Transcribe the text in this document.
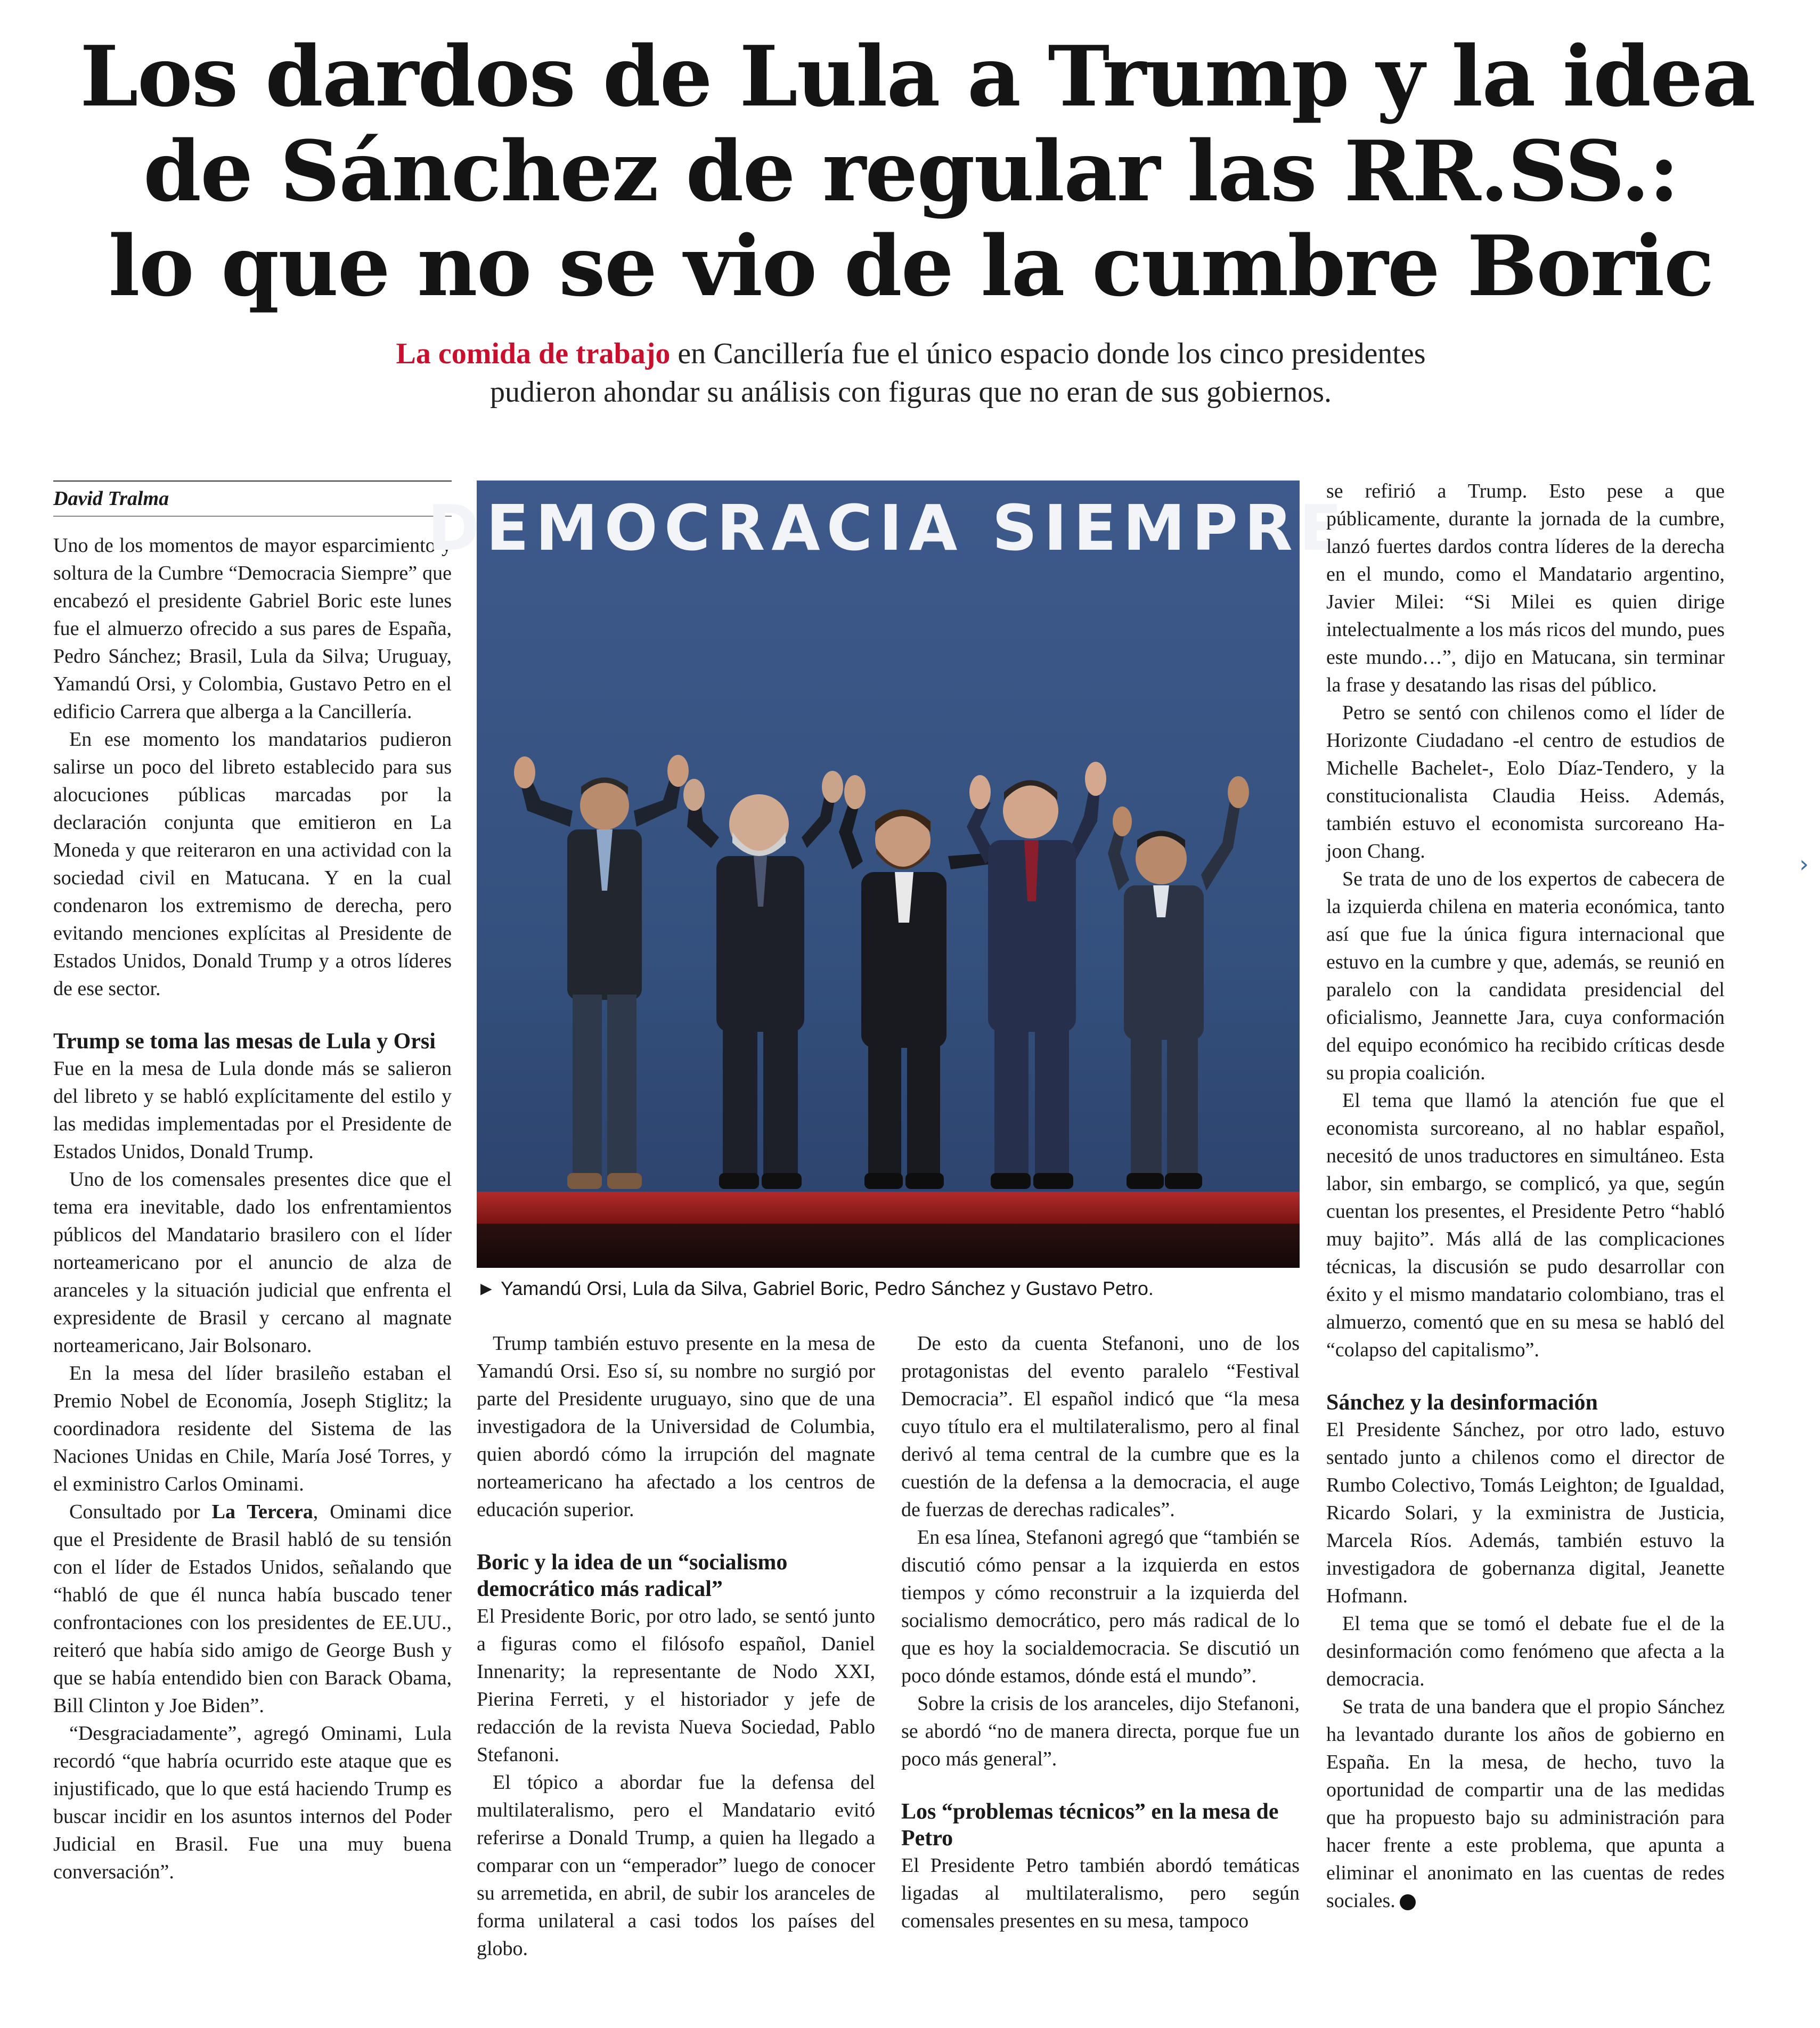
Los dardos de Lula a Trump y la idea
de Sánchez de regular las RR.SS.:
lo que no se vio de la cumbre Boric
La comida de trabajo en Cancillería fue el único espacio donde los cinco presidentes
pudieron ahondar su análisis con figuras que no eran de sus gobiernos.
David Tralma

Uno de los momentos de mayor esparcimiento y soltura de la Cumbre “Democracia Siempre” que encabezó el presidente Gabriel Boric este lunes fue el almuerzo ofrecido a sus pares de España, Pedro Sánchez; Brasil, Lula da Silva; Uruguay, Yamandú Orsi, y Colombia, Gustavo Petro en el edificio Carrera que alberga a la Cancillería.

En ese momento los mandatarios pudieron salirse un poco del libreto establecido para sus alocuciones públicas marcadas por la declaración conjunta que emitieron en La Moneda y que reiteraron en una actividad con la sociedad civil en Matucana. Y en la cual condenaron los extremismo de derecha, pero evitando menciones explícitas al Presidente de Estados Unidos, Donald Trump y a otros líderes de ese sector.

Trump se toma las mesas de Lula y Orsi

Fue en la mesa de Lula donde más se salieron del libreto y se habló explícitamente del estilo y las medidas implementadas por el Presidente de Estados Unidos, Donald Trump.

Uno de los comensales presentes dice que el tema era inevitable, dado los enfrentamientos públicos del Mandatario brasilero con el líder norteamericano por el anuncio de alza de aranceles y la situación judicial que enfrenta el expresidente de Brasil y cercano al magnate norteamericano, Jair Bolsonaro.

En la mesa del líder brasileño estaban el Premio Nobel de Economía, Joseph Stiglitz; la coordinadora residente del Sistema de las Naciones Unidas en Chile, María José Torres, y el exministro Carlos Ominami.

Consultado por La Tercera, Ominami dice que el Presidente de Brasil habló de su tensión con el líder de Estados Unidos, señalando que “habló de que él nunca había buscado tener confrontaciones con los presidentes de EE.UU., reiteró que había sido amigo de George Bush y que se había entendido bien con Barack Obama, Bill Clinton y Joe Biden”.

“Desgraciadamente”, agregó Ominami, Lula recordó “que habría ocurrido este ataque que es injustificado, que lo que está haciendo Trump es buscar incidir en los asuntos internos del Poder Judicial en Brasil. Fue una muy buena conversación”.

DEMOCRACIA SIEMPRE
► Yamandú Orsi, Lula da Silva, Gabriel Boric, Pedro Sánchez y Gustavo Petro.

Trump también estuvo presente en la mesa de Yamandú Orsi. Eso sí, su nombre no surgió por parte del Presidente uruguayo, sino que de una investigadora de la Universidad de Columbia, quien abordó cómo la irrupción del magnate norteamericano ha afectado a los centros de educación superior.

Boric y la idea de un “socialismo democrático más radical”

El Presidente Boric, por otro lado, se sentó junto a figuras como el filósofo español, Daniel Innenarity; la representante de Nodo XXI, Pierina Ferreti, y el historiador y jefe de redacción de la revista Nueva Sociedad, Pablo Stefanoni.

El tópico a abordar fue la defensa del multilateralismo, pero el Mandatario evitó referirse a Donald Trump, a quien ha llegado a comparar con un “emperador” luego de conocer su arremetida, en abril, de subir los aranceles de forma unilateral a casi todos los países del globo.

De esto da cuenta Stefanoni, uno de los protagonistas del evento paralelo “Festival Democracia”. El español indicó que “la mesa cuyo título era el multilateralismo, pero al final derivó al tema central de la cumbre que es la cuestión de la defensa a la democracia, el auge de fuerzas de derechas radicales”.

En esa línea, Stefanoni agregó que “también se discutió cómo pensar a la izquierda en estos tiempos y cómo reconstruir a la izquierda del socialismo democrático, pero más radical de lo que es hoy la socialdemocracia. Se discutió un poco dónde estamos, dónde está el mundo”.

Sobre la crisis de los aranceles, dijo Stefanoni, se abordó “no de manera directa, porque fue un poco más general”.

Los “problemas técnicos” en la mesa de Petro

El Presidente Petro también abordó temáticas ligadas al multilateralismo, pero según comensales presentes en su mesa, tampoco

se refirió a Trump. Esto pese a que públicamente, durante la jornada de la cumbre, lanzó fuertes dardos contra líderes de la derecha en el mundo, como el Mandatario argentino, Javier Milei: “Si Milei es quien dirige intelectualmente a los más ricos del mundo, pues este mundo…”, dijo en Matucana, sin terminar la frase y desatando las risas del público.

Petro se sentó con chilenos como el líder de Horizonte Ciudadano -el centro de estudios de Michelle Bachelet-, Eolo Díaz-Tendero, y la constitucionalista Claudia Heiss. Además, también estuvo el economista surcoreano Ha-joon Chang.

Se trata de uno de los expertos de cabecera de la izquierda chilena en materia económica, tanto así que fue la única figura internacional que estuvo en la cumbre y que, además, se reunió en paralelo con la candidata presidencial del oficialismo, Jeannette Jara, cuya conformación del equipo económico ha recibido críticas desde su propia coalición.

El tema que llamó la atención fue que el economista surcoreano, al no hablar español, necesitó de unos traductores en simultáneo. Esta labor, sin embargo, se complicó, ya que, según cuentan los presentes, el Presidente Petro “habló muy bajito”. Más allá de las complicaciones técnicas, la discusión se pudo desarrollar con éxito y el mismo mandatario colombiano, tras el almuerzo, comentó que en su mesa se habló del “colapso del capitalismo”.

Sánchez y la desinformación

El Presidente Sánchez, por otro lado, estuvo sentado junto a chilenos como el director de Rumbo Colectivo, Tomás Leighton; de Igualdad, Ricardo Solari, y la exministra de Justicia, Marcela Ríos. Además, también estuvo la investigadora de gobernanza digital, Jeanette Hofmann.

El tema que se tomó el debate fue el de la desinformación como fenómeno que afecta a la democracia.

Se trata de una bandera que el propio Sánchez ha levantado durante los años de gobierno en España. En la mesa, de hecho, tuvo la oportunidad de compartir una de las medidas que ha propuesto bajo su administración para hacer frente a este problema, que apunta a eliminar el anonimato en las cuentas de redes sociales.

›
